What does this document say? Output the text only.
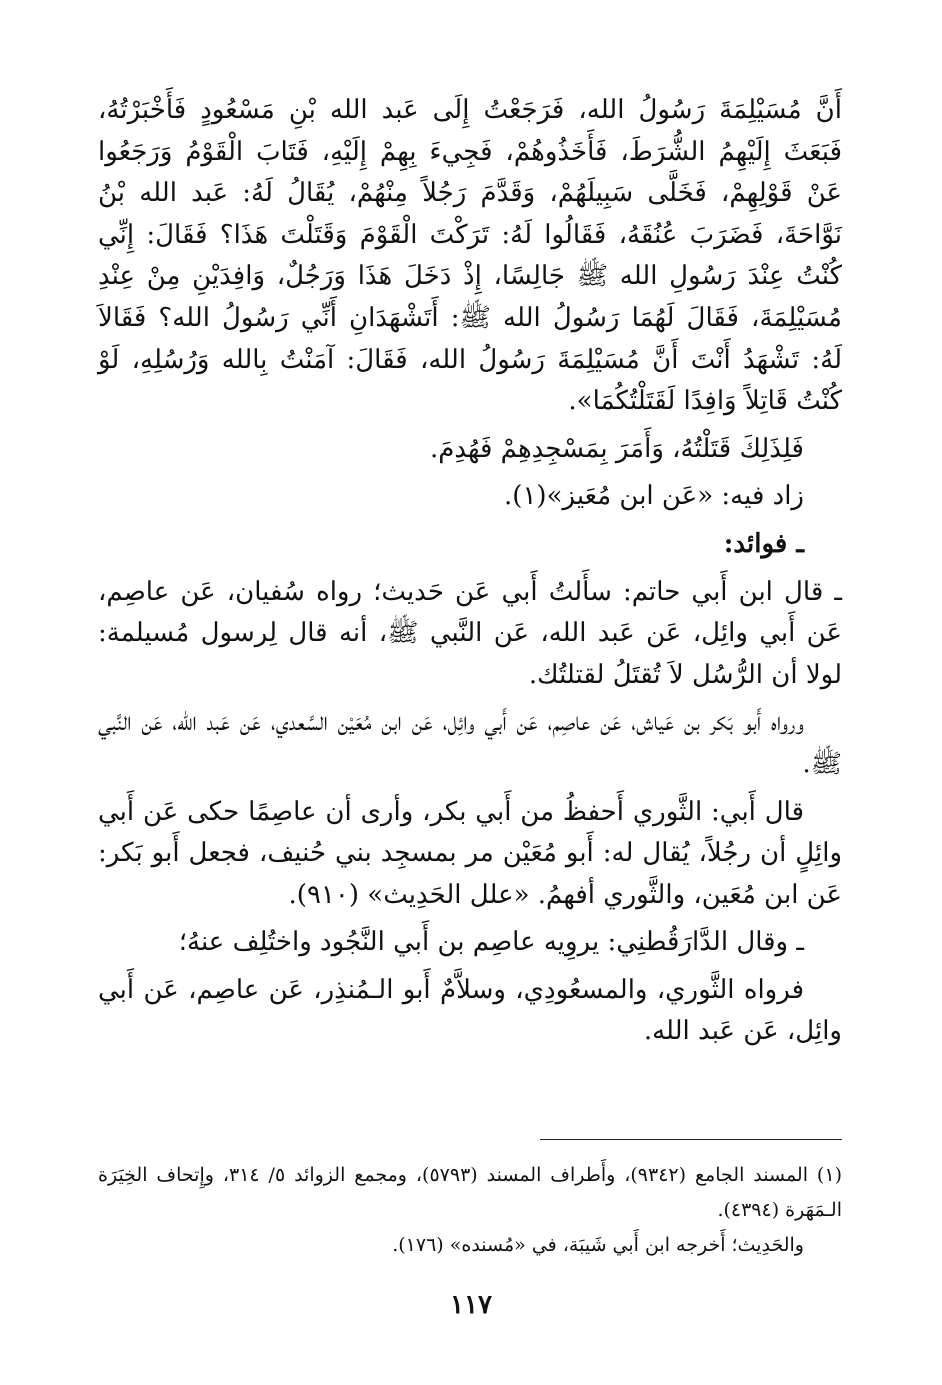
أَنَّ مُسَيْلِمَةَ رَسُولُ الله، فَرَجَعْتُ إِلَى عَبد الله بْنِ مَسْعُودٍ فَأَخْبَرْتُهُ، فَبَعَثَ إِلَيْهِمُ الشُّرَطَ، فَأَخَذُوهُمْ، فَجِيءَ بِهِمْ إِلَيْهِ، فَتَابَ الْقَوْمُ وَرَجَعُوا عَنْ قَوْلِهِمْ، فَخَلَّى سَبِيلَهُمْ، وَقَدَّمَ رَجُلاً مِنْهُمْ، يُقَالُ لَهُ: عَبد الله بْنُ نَوَّاحَةَ، فَضَرَبَ عُنُقَهُ، فَقَالُوا لَهُ: تَرَكْتَ الْقَوْمَ وَقَتَلْتَ هَذَا؟ فَقَالَ: إِنِّي كُنْتُ عِنْدَ رَسُولِ الله ﷺ جَالِسًا، إِذْ دَخَلَ هَذَا وَرَجُلٌ، وَافِدَيْنِ مِنْ عِنْدِ مُسَيْلِمَةَ، فَقَالَ لَهُمَا رَسُولُ الله ﷺ: أَتَشْهَدَانِ أَنِّي رَسُولُ الله؟ فَقَالاَ لَهُ: تَشْهَدُ أَنْتَ أَنَّ مُسَيْلِمَةَ رَسُولُ الله، فَقَالَ: آمَنْتُ بِالله وَرُسُلِهِ، لَوْ كُنْتُ قَاتِلاً وَافِدًا لَقَتَلْتُكُمَا».

فَلِذَلِكَ قَتَلْتُهُ، وَأَمَرَ بِمَسْجِدِهِمْ فَهُدِمَ.

زاد فيه: «عَن ابن مُعَيز»(١).

ـ فوائد:

ـ قال ابن أَبي حاتم: سأَلتُ أَبي عَن حَديث؛ رواه سُفيان، عَن عاصِم، عَن أَبي وائِل، عَن عَبد الله، عَن النَّبي ﷺ، أنه قال لِرسول مُسيلمة: لولا أن الرُّسُل لاَ تُقتَلُ لقتلتُك.

ورواه أَبو بَكر بن عَياش، عَن عاصِم، عَن أَبي وائِل، عَن ابن مُعَيْن السَّعدي، عَن عَبد الله، عَن النَّبي ﷺ.

قال أَبي: الثَّوري أَحفظُ من أَبي بكر، وأرى أن عاصِمًا حكى عَن أَبي وائِلٍ أن رجُلاً، يُقال له: أَبو مُعَيْن مر بمسجِد بني حُنيف، فجعل أَبو بَكر: عَن ابن مُعَين، والثَّوري أفهمُ. «علل الحَدِيث» (٩١٠).

ـ وقال الدَّارَقُطنِي: يروِيه عاصِم بن أَبي النَّجُود واختُلِف عنهُ؛

فرواه الثَّوري، والمسعُودِي، وسلاَّمٌ أَبو الـمُنذِر، عَن عاصِم، عَن أَبي وائِل، عَن عَبد الله.

(١) المسند الجامع (٩٣٤٢)، وأَطراف المسند (٥٧٩٣)، ومجمع الزوائد ٥/ ٣١٤، وإِتحاف الخِيَرَة الـمَهَرة (٤٣٩٤).

والحَدِيث؛ أَخرجه ابن أَبي شَيبَة، في «مُسنده» (١٧٦).

١١٧
